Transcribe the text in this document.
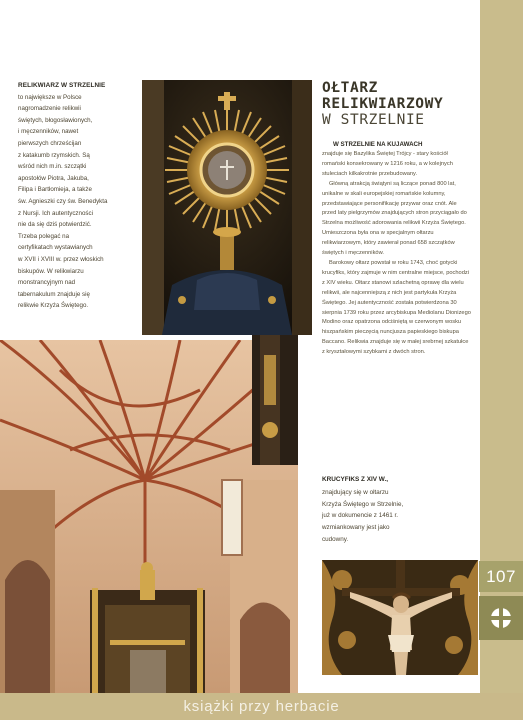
RELIKWIARZ W STRZELNIE
to największe w Polsce
nagromadzenie relikwii
świętych, błogosławionych,
i męczenników, nawet
pierwszych chrześcijan
z katakumb rzymskich. Są
wśród nich m.in. szczątki
apostołów Piotra, Jakuba,
Filipa i Bartłomieja, a także
św. Agnieszki czy św. Benedykta
z Nursji. Ich autentyczności
nie da się dziś potwierdzić.
Trzeba polegać na
certyfikatach wystawianych
w XVII i XVIII w. przez włoskich
biskupów. W relikwiarzu
monstrancyjnym nad
tabernakulum znajduje się
relikwie Krzyża Świętego.
OŁTARZ
RELIKWIARZOWY
W STRZELNIE
W STRZELNIE NA KUJAWACH

znajduje się Bazylika Świętej Trójcy - stary kościół romański konsekrowany w 1216 roku, a w kolejnych stuleciach kilkakrotnie przebudowany.

Główną atrakcją świątyni są liczące ponad 800 lat, unikalne w skali europejskiej romańskie kolumny, przedstawiające personifikację przywar oraz cnót. Ale przed laty pielgrzymów znajdujących stron przyciągało do Strzelna możliwość adorowania relikwii Krzyża Świętego. Umieszczona była ona w specjalnym ołtarzu relikwiarzowym, który zawierał ponad 658 szczątków świętych i męczenników.

Barokowy ołtarz powstał w roku 1743, choć gotycki krucyfiks, który zajmuje w nim centralne miejsce, pochodzi z XIV wieku. Ołtarz stanowi szlachetną oprawę dla wielu relikwii, ale najcenniejszą z nich jest partykuła Krzyża Świętego. Jej autentyczność została potwierdzona 30 sierpnia 1739 roku przez arcybiskupa Mediolanu Dionizego Modino oraz opatrzona odciśniętą w czerwonym wosku hiszpańskim pieczęcią nuncjusza papieskiego biskupa Baccano. Relikwia znajduje się w małej srebrnej szkatułce z kryształowymi szybkami z dwóch stron.

KRUCYFIKS Z XIV W.,
znajdujący się w ołtarzu
Krzyża Świętego w Strzelnie,
już w dokumencie z 1461 r.
wzmiankowany jest jako
cudowny.
107
książki przy herbacie
